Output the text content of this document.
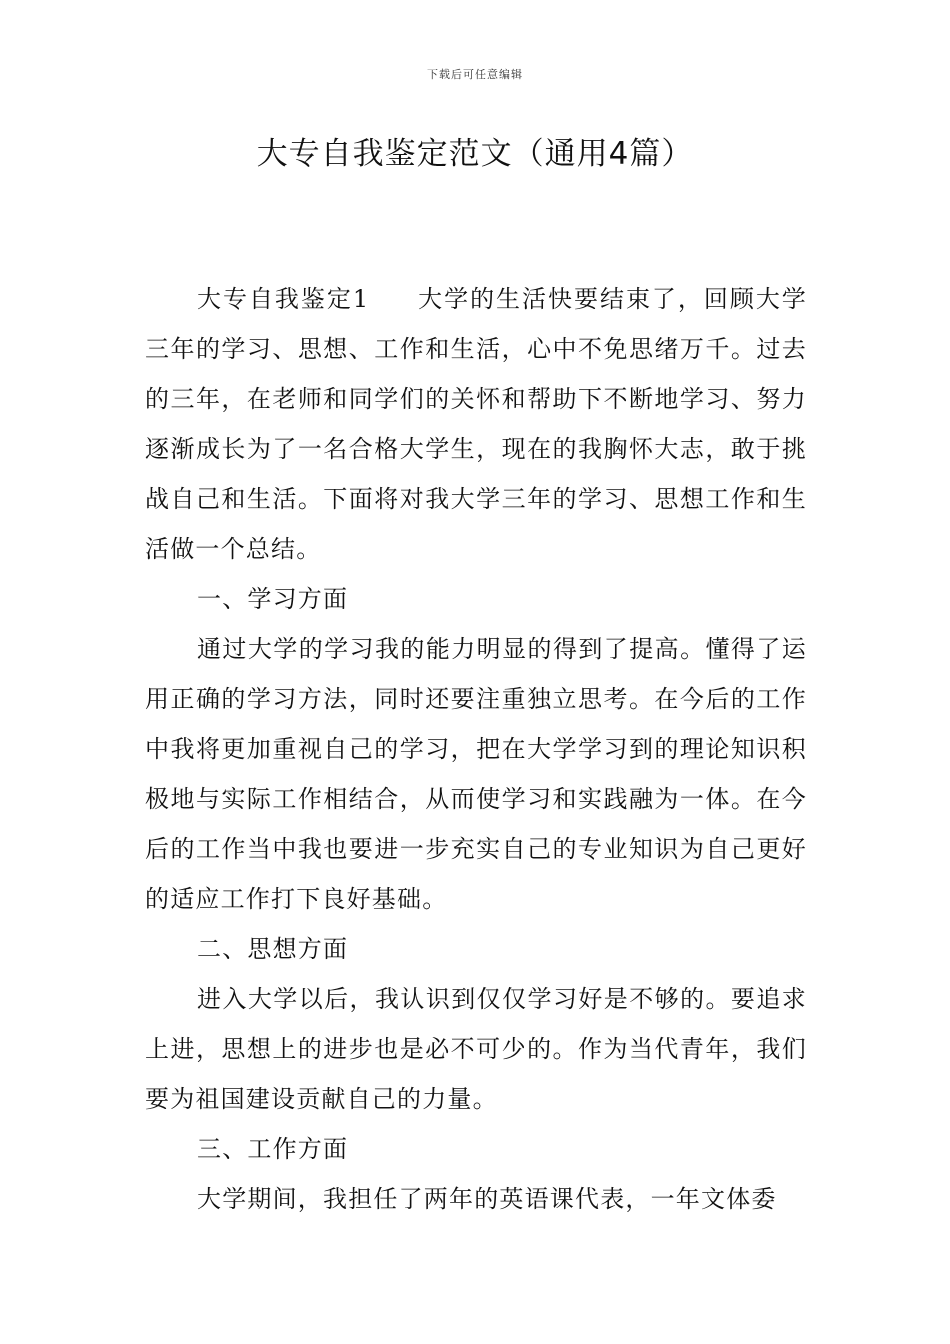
下载后可任意编辑
大专自我鉴定范文（通用4篇）

大专自我鉴定1 大学的生活快要结束了，回顾大学三年的学习、思想、工作和生活，心中不免思绪万千。过去的三年，在老师和同学们的关怀和帮助下不断地学习、努力逐渐成长为了一名合格大学生，现在的我胸怀大志，敢于挑战自己和生活。下面将对我大学三年的学习、思想工作和生活做一个总结。

一、学习方面

通过大学的学习我的能力明显的得到了提高。懂得了运用正确的学习方法，同时还要注重独立思考。在今后的工作中我将更加重视自己的学习，把在大学学习到的理论知识积极地与实际工作相结合，从而使学习和实践融为一体。在今后的工作当中我也要进一步充实自己的专业知识为自己更好的适应工作打下良好基础。

二、思想方面

进入大学以后，我认识到仅仅学习好是不够的。要追求上进，思想上的进步也是必不可少的。作为当代青年，我们要为祖国建设贡献自己的力量。

三、工作方面

大学期间，我担任了两年的英语课代表，一年文体委
